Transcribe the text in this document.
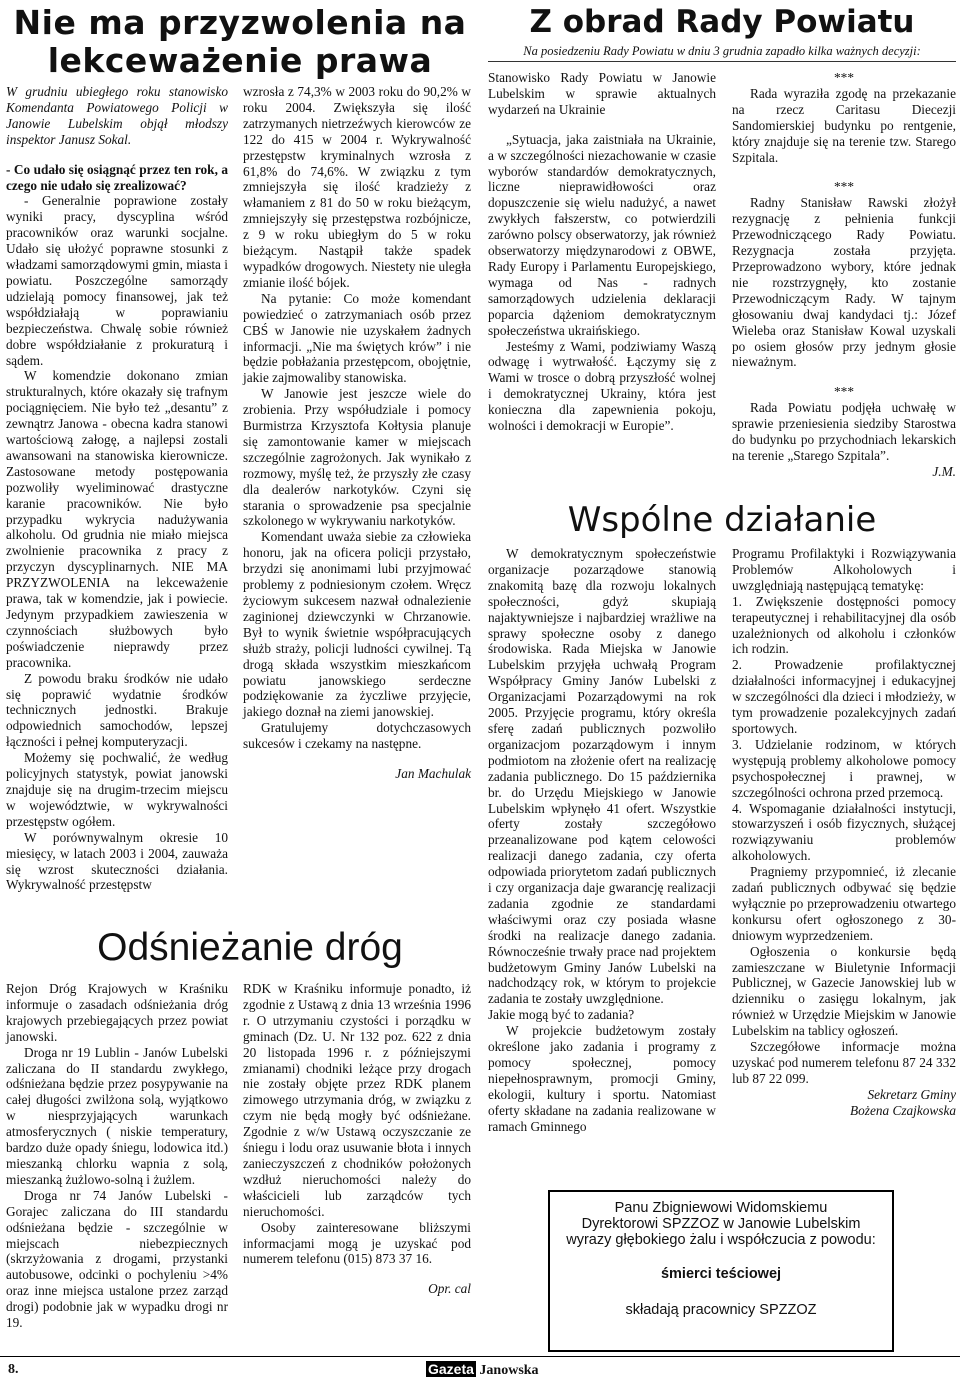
Nie ma przyzwolenia na lekceważenie prawa

W grudniu ubiegłego roku stanowisko Komendanta Powiatowego Policji w Janowie Lubelskim objął młodszy inspektor Janusz Sokal.

- Co udało się osiągnąć przez ten rok, a czego nie udało się zrealizować?

- Generalnie poprawione zostały wyniki pracy, dyscyplina wśród pracowników oraz warunki socjalne. Udało się ułożyć poprawne stosunki z władzami samorządowymi gmin, miasta i powiatu. Poszczególne samorządy udzielają pomocy finansowej, jak też współdziałają w poprawianiu bezpieczeństwa. Chwalę sobie również dobre współdziałanie z prokuraturą i sądem.

W komendzie dokonano zmian strukturalnych, które okazały się trafnym pociągnięciem. Nie było też „desantu” z zewnątrz Janowa - obecna kadra stanowi wartościową załogę, a najlepsi zostali awansowani na stanowiska kierownicze. Zastosowane metody postępowania pozwoliły wyeliminować drastyczne karanie pracowników. Nie było przypadku wykrycia nadużywania alkoholu. Od grudnia nie miało miejsca zwolnienie pracownika z pracy z przyczyn dyscyplinarnych. NIE MA PRZYZWOLENIA na lekceważenie prawa, tak w komendzie, jak i powiecie. Jedynym przypadkiem zawieszenia w czynnościach służbowych było poświadczenie nieprawdy przez pracownika.

Z powodu braku środków nie udało się poprawić wydatnie środków technicznych jednostki. Brakuje odpowiednich samochodów, lepszej łączności i pełnej komputeryzacji.

Możemy się pochwalić, że według policyjnych statystyk, powiat janowski znajduje się na drugim-trzecim miejscu w województwie, w wykrywalności przestępstw ogółem.

W porównywalnym okresie 10 miesięcy, w latach 2003 i 2004, zauważa się wzrost skuteczności działania. Wykrywalność przestępstw

wzrosła z 74,3% w 2003 roku do 90,2% w roku 2004. Zwiększyła się ilość zatrzymanych nietrzeźwych kierowców ze 122 do 415 w 2004 r. Wykrywalność przestępstw kryminalnych wzrosła z 61,8% do 74,6%. W związku z tym zmniejszyła się ilość kradzieży z włamaniem z 81 do 50 w roku bieżącym, zmniejszyły się przestępstwa rozbójnicze, z 9 w roku ubiegłym do 5 w roku bieżącym. Nastąpił także spadek wypadków drogowych. Niestety nie uległa zmianie ilość bójek.

Na pytanie: Co może komendant powiedzieć o zatrzymaniach osób przez CBŚ w Janowie nie uzyskałem żadnych informacji. „Nie ma świętych krów” i nie będzie pobłażania przestępcom, obojętnie, jakie zajmowaliby stanowiska.

W Janowie jest jeszcze wiele do zrobienia. Przy współudziale i pomocy Burmistrza Krzysztofa Kołtysia planuje się zamontowanie kamer w miejscach szczególnie zagrożonych. Jak wynikało z rozmowy, myślę też, że przyszły złe czasy dla dealerów narkotyków. Czyni się starania o sprowadzenie psa specjalnie szkolonego w wykrywaniu narkotyków.

Komendant uważa siebie za człowieka honoru, jak na oficera policji przystało, brzydzi się anonimami lubi przyjmować problemy z podniesionym czołem. Wręcz życiowym sukcesem nazwał odnalezienie zaginionej dziewczynki w Chrzanowie. Był to wynik świetnie współpracujących służb straży, policji ludności cywilnej. Tą drogą składa wszystkim mieszkańcom powiatu janowskiego serdeczne podziękowanie za życzliwe przyjęcie, jakiego doznał na ziemi janowskiej.

Gratulujemy dotychczasowych sukcesów i czekamy na następne.

Jan Machulak

Odśnieżanie dróg

Rejon Dróg Krajowych w Kraśniku informuje o zasadach odśnieżania dróg krajowych przebiegających przez powiat janowski.

Droga nr 19 Lublin - Janów Lubelski zaliczana do II standardu zwykłego, odśnieżana będzie przez posypywanie na całej długości zwilżona solą, wyjątkowo w niesprzyjających warunkach atmosferycznych ( niskie temperatury, bardzo duże opady śniegu, lodowica itd.) mieszanką chlorku wapnia z solą, mieszanką żużlowo-solną i żużlem.

Droga nr 74 Janów Lubelski - Gorajec zaliczana do III standardu odśnieżana będzie - szczególnie w miejscach niebezpiecznych (skrzyżowania z drogami, przystanki autobusowe, odcinki o pochyleniu >4% oraz inne miejsca ustalone przez zarząd drogi) podobnie jak w wypadku drogi nr 19.

RDK w Kraśniku informuje ponadto, iż zgodnie z Ustawą z dnia 13 września 1996 r. O utrzymaniu czystości i porządku w gminach (Dz. U. Nr 132 poz. 622 z dnia 20 listopada 1996 r. z późniejszymi zmianami) chodniki leżące przy drogach nie zostały objęte przez RDK planem zimowego utrzymania dróg, w związku z czym nie będą mogły być odśnieżane. Zgodnie z w/w Ustawą oczyszczanie ze śniegu i lodu oraz usuwanie błota i innych zanieczyszczeń z chodników położonych wzdłuż nieruchomości należy do właścicieli lub zarządców tych nieruchomości.

Osoby zainteresowane bliższymi informacjami mogą je uzyskać pod numerem telefonu (015) 873 37 16.

Opr. cal

Z obrad Rady Powiatu
Na posiedzeniu Rady Powiatu w dniu 3 grudnia zapadło kilka ważnych decyzji:

Stanowisko Rady Powiatu w Janowie Lubelskim w sprawie aktualnych wydarzeń na Ukrainie

„Sytuacja, jaka zaistniała na Ukrainie, a w szczególności niezachowanie w czasie wyborów standardów demokratycznych, liczne nieprawidłowości oraz dopuszczenie się wielu nadużyć, a nawet zwykłych fałszerstw, co potwierdzili zarówno polscy obserwatorzy, jak również obserwatorzy międzynarodowi z OBWE, Rady Europy i Parlamentu Europejskiego, wymaga od Nas - radnych samorządowych udzielenia deklaracji poparcia dążeniom demokratycznym społeczeństwa ukraińskiego.

Jesteśmy z Wami, podziwiamy Waszą odwagę i wytrwałość. Łączymy się z Wami w trosce o dobrą przyszłość wolnej i demokratycznej Ukrainy, która jest konieczna dla zapewnienia pokoju, wolności i demokracji w Europie”.

***

Rada wyraziła zgodę na przekazanie na rzecz Caritasu Diecezji Sandomierskiej budynku po rentgenie, który znajduje się na terenie tzw. Starego Szpitala.

***

Radny Stanisław Rawski złożył rezygnację z pełnienia funkcji Przewodniczącego Rady Powiatu. Rezygnacja została przyjęta. Przeprowadzono wybory, które jednak nie rozstrzygnęły, kto zostanie Przewodniczącym Rady. W tajnym głosowaniu dwaj kandydaci tj.: Józef Wieleba oraz Stanisław Kowal uzyskali po osiem głosów przy jednym głosie nieważnym.

***

Rada Powiatu podjęła uchwałę w sprawie przeniesienia siedziby Starostwa do budynku po przychodniach lekarskich na terenie „Starego Szpitala”.

J.M.

Wspólne działanie

W demokratycznym społeczeństwie organizacje pozarządowe stanowią znakomitą bazę dla rozwoju lokalnych społeczności, gdyż skupiają najaktywniejsze i najbardziej wrażliwe na sprawy społeczne osoby z danego środowiska. Rada Miejska w Janowie Lubelskim przyjęła uchwałą Program Współpracy Gminy Janów Lubelski z Organizacjami Pozarządowymi na rok 2005. Przyjęcie programu, który określa sferę zadań publicznych pozwoliło organizacjom pozarządowym i innym podmiotom na złożenie ofert na realizację zadania publicznego. Do 15 października br. do Urzędu Miejskiego w Janowie Lubelskim wpłynęło 41 ofert. Wszystkie oferty zostały szczegółowo przeanalizowane pod kątem celowości realizacji danego zadania, czy oferta odpowiada priorytetom zadań publicznych i czy organizacja daje gwarancję realizacji zadania zgodnie ze standardami właściwymi oraz czy posiada własne środki na realizacje danego zadania. Równocześnie trwały prace nad projektem budżetowym Gminy Janów Lubelski na nadchodzący rok, w którym to projekcie zadania te zostały uwzględnione.

Jakie mogą być to zadania?

W projekcie budżetowym zostały określone jako zadania i programy z pomocy społecznej, pomocy niepełnosprawnym, promocji Gminy, ekologii, kultury i sportu. Natomiast oferty składane na zadania realizowane w ramach Gminnego

Programu Profilaktyki i Rozwiązywania Problemów Alkoholowych i uwzględniają następującą tematykę:

1. Zwiększenie dostępności pomocy terapeutycznej i rehabilitacyjnej dla osób uzależnionych od alkoholu i członków ich rodzin.

2. Prowadzenie profilaktycznej działalności informacyjnej i edukacyjnej w szczególności dla dzieci i młodzieży, w tym prowadzenie pozalekcyjnych zadań sportowych.

3. Udzielanie rodzinom, w których występują problemy alkoholowe pomocy psychospołecznej i prawnej, w szczególności ochrona przed przemocą.

4. Wspomaganie działalności instytucji, stowarzyszeń i osób fizycznych, służącej rozwiązywaniu problemów alkoholowych.

Pragniemy przypomnieć, iż zlecanie zadań publicznych odbywać się będzie wyłącznie po przeprowadzeniu otwartego konkursu ofert ogłoszonego z 30-dniowym wyprzedzeniem.

Ogłoszenia o konkursie będą zamieszczane w Biuletynie Informacji Publicznej, w Gazecie Janowskiej lub w dzienniku o zasięgu lokalnym, jak również w Urzędzie Miejskim w Janowie Lubelskim na tablicy ogłoszeń.

Szczegółowe informacje można uzyskać pod numerem telefonu 87 24 332 lub 87 22 099.

Sekretarz Gminy

Bożena Czajkowska

Panu Zbigniewowi Widomskiemu
Dyrektorowi SPZZOZ w Janowie Lubelskim
wyrazy głębokiego żalu i współczucia z powodu:
śmierci teściowej
składają pracownicy SPZZOZ
8.	Gazeta Janowska
